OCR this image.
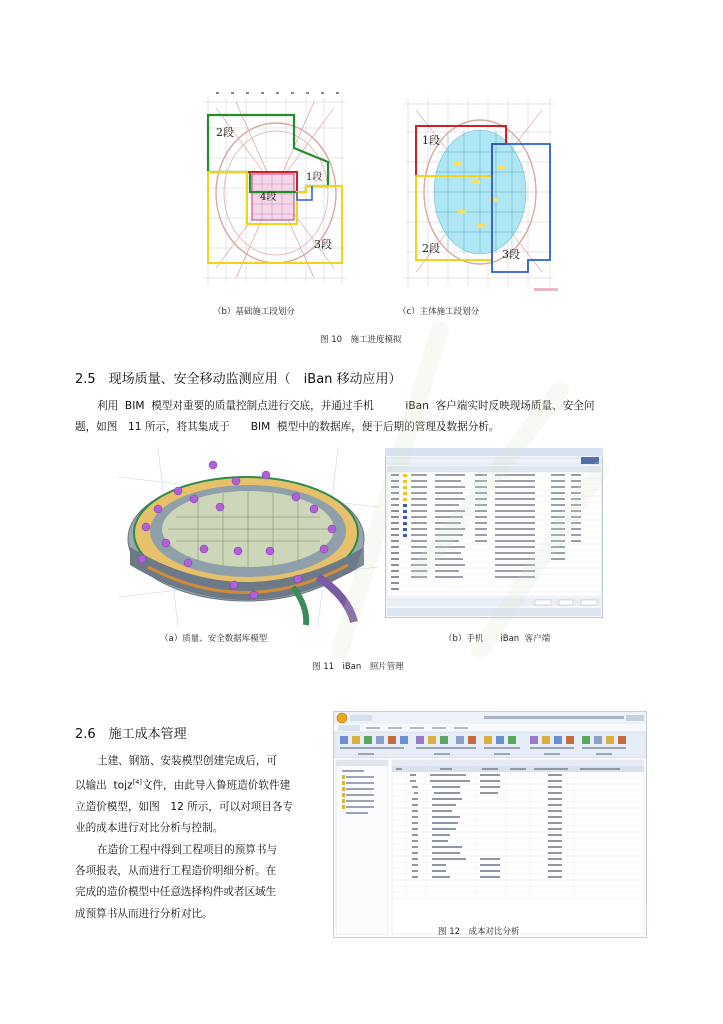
2段
1段
4段
3段
1段
2段	3段
（b）基础施工段划分	（c）主体施工段划分
图 10　施工进度模拟
2.5　现场质量、安全移动监测应用（　iBan 移动应用）

利用  BIM  模型对重要的质量控制点进行交底，并通过手机　　　iBan  客户端实时反映现场质量、安全问

题，如图　11 所示，将其集成于　　BIM  模型中的数据库，便于后期的管理及数据分析。

（a）质量、安全数据库模型	（b）手机　　iBan  客户端
图 11　iBan　照片管理
2.6　施工成本管理

土建、钢筋、安装模型创建完成后，可

以输出  tojz[4]文件，由此导入鲁班造价软件建

立造价模型，如图　12 所示，可以对项目各专

业的成本进行对比分析与控制。

在造价工程中得到工程项目的预算书与

各项报表，从而进行工程造价明细分析。在

完成的造价模型中任意选择构件或者区域生

成预算书从而进行分析对比。

图 12　成本对比分析
